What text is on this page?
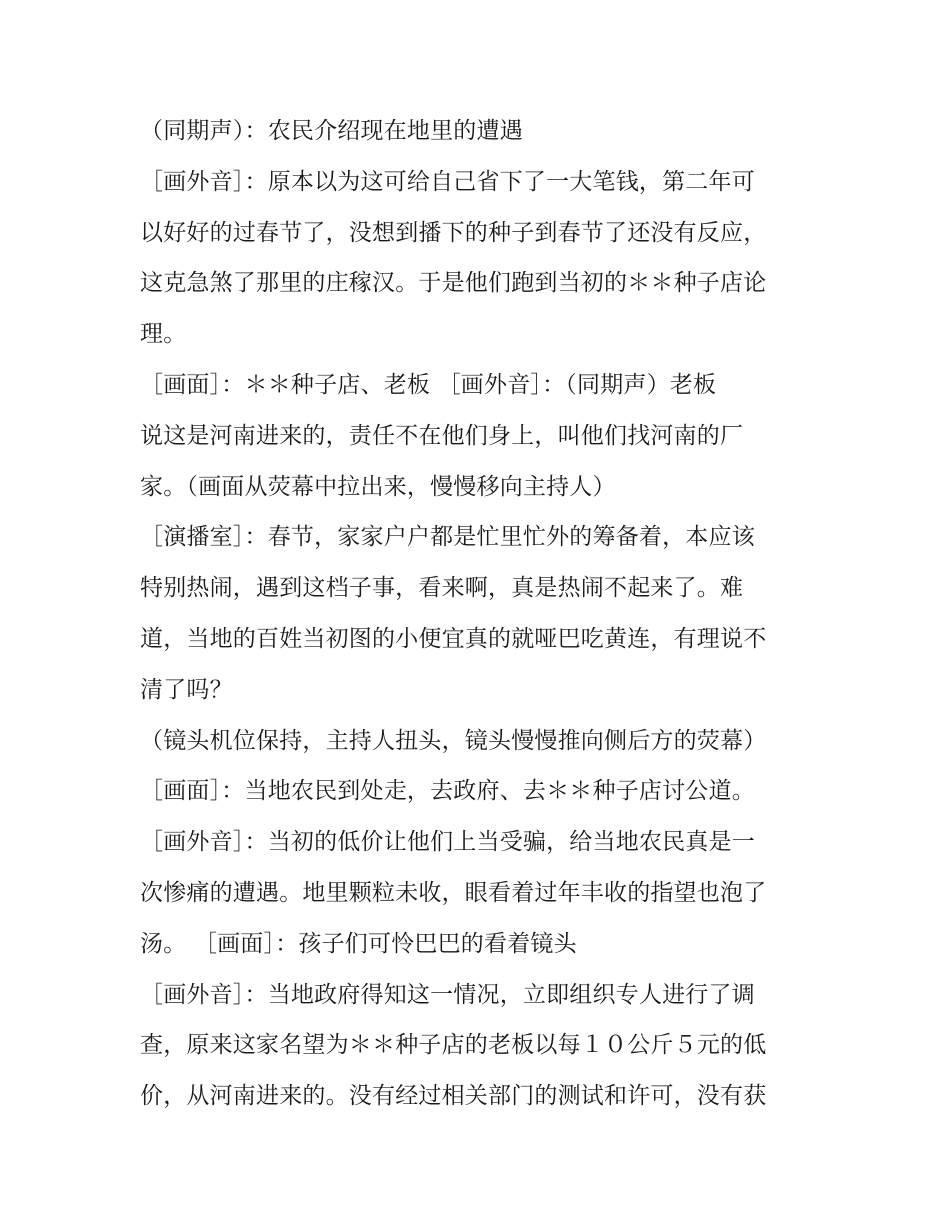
（同期声）：农民介绍现在地里的遭遇
［画外音］：原本以为这可给自己省下了一大笔钱，第二年可
以好好的过春节了，没想到播下的种子到春节了还没有反应，
这克急煞了那里的庄稼汉。于是他们跑到当初的＊＊种子店论
理。
［画面］：＊＊种子店、老板 ［画外音］：（同期声）老板
说这是河南进来的，责任不在他们身上，叫他们找河南的厂
家。（画面从荧幕中拉出来，慢慢移向主持人）
［演播室］：春节，家家户户都是忙里忙外的筹备着，本应该
特别热闹，遇到这档子事，看来啊，真是热闹不起来了。难
道，当地的百姓当初图的小便宜真的就哑巴吃黄连，有理说不
清了吗？
（镜头机位保持，主持人扭头，镜头慢慢推向侧后方的荧幕）
［画面］：当地农民到处走，去政府、去＊＊种子店讨公道。
［画外音］：当初的低价让他们上当受骗，给当地农民真是一
次惨痛的遭遇。地里颗粒未收，眼看着过年丰收的指望也泡了
汤。 ［画面］：孩子们可怜巴巴的看着镜头
［画外音］：当地政府得知这一情况，立即组织专人进行了调
查，原来这家名望为＊＊种子店的老板以每１０公斤５元的低
价，从河南进来的。没有经过相关部门的测试和许可，没有获
